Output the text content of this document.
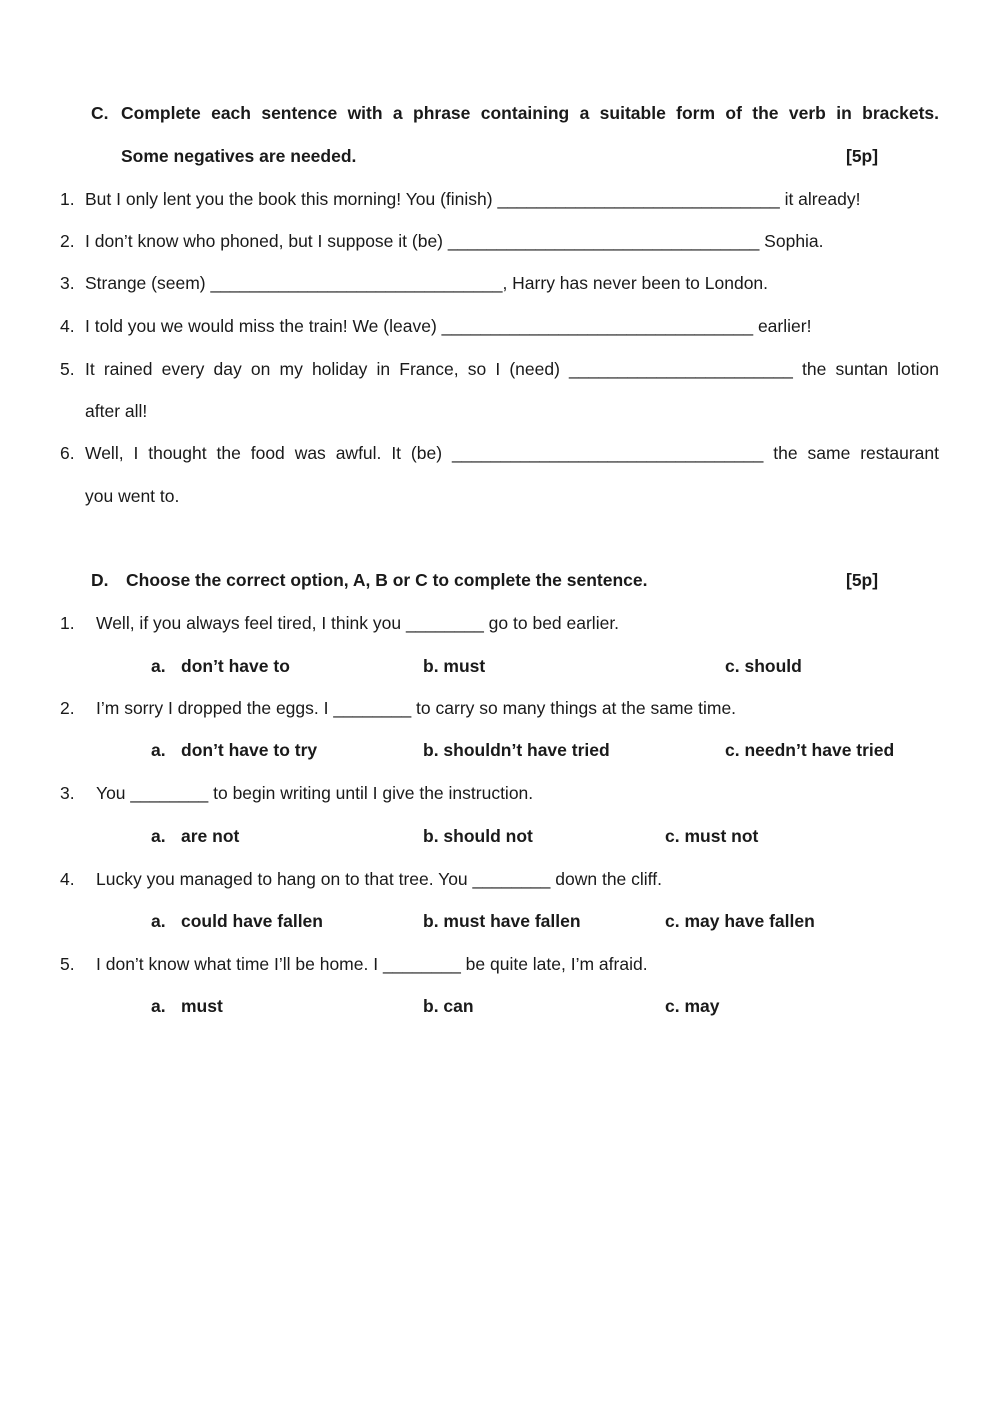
C. Complete each sentence with a phrase containing a suitable form of the verb in brackets.
Some negatives are needed.	[5p]
1. But I only lent you the book this morning! You (finish) _____________________________ it already!
2. I don’t know who phoned, but I suppose it (be) ________________________________ Sophia.
3. Strange (seem) ______________________________, Harry has never been to London.
4. I told you we would miss the train! We (leave) ________________________________ earlier!
5. It rained every day on my holiday in France, so I (need) _______________________ the suntan lotion
after all!
6. Well, I thought the food was awful. It (be) ________________________________ the same restaurant
you went to.
D. Choose the correct option, A, B or C to complete the sentence.	[5p]
1. Well, if you always feel tired, I think you ________ go to bed earlier.
a. don’t have to	b. must	c. should
2. I’m sorry I dropped the eggs. I ________ to carry so many things at the same time.
a. don’t have to try	b. shouldn’t have tried	c. needn’t have tried
3. You ________ to begin writing until I give the instruction.
a. are not	b. should not	c. must not
4. Lucky you managed to hang on to that tree. You ________ down the cliff.
a. could have fallen	b. must have fallen	c. may have fallen
5. I don’t know what time I’ll be home. I ________ be quite late, I’m afraid.
a. must	b. can	c. may
